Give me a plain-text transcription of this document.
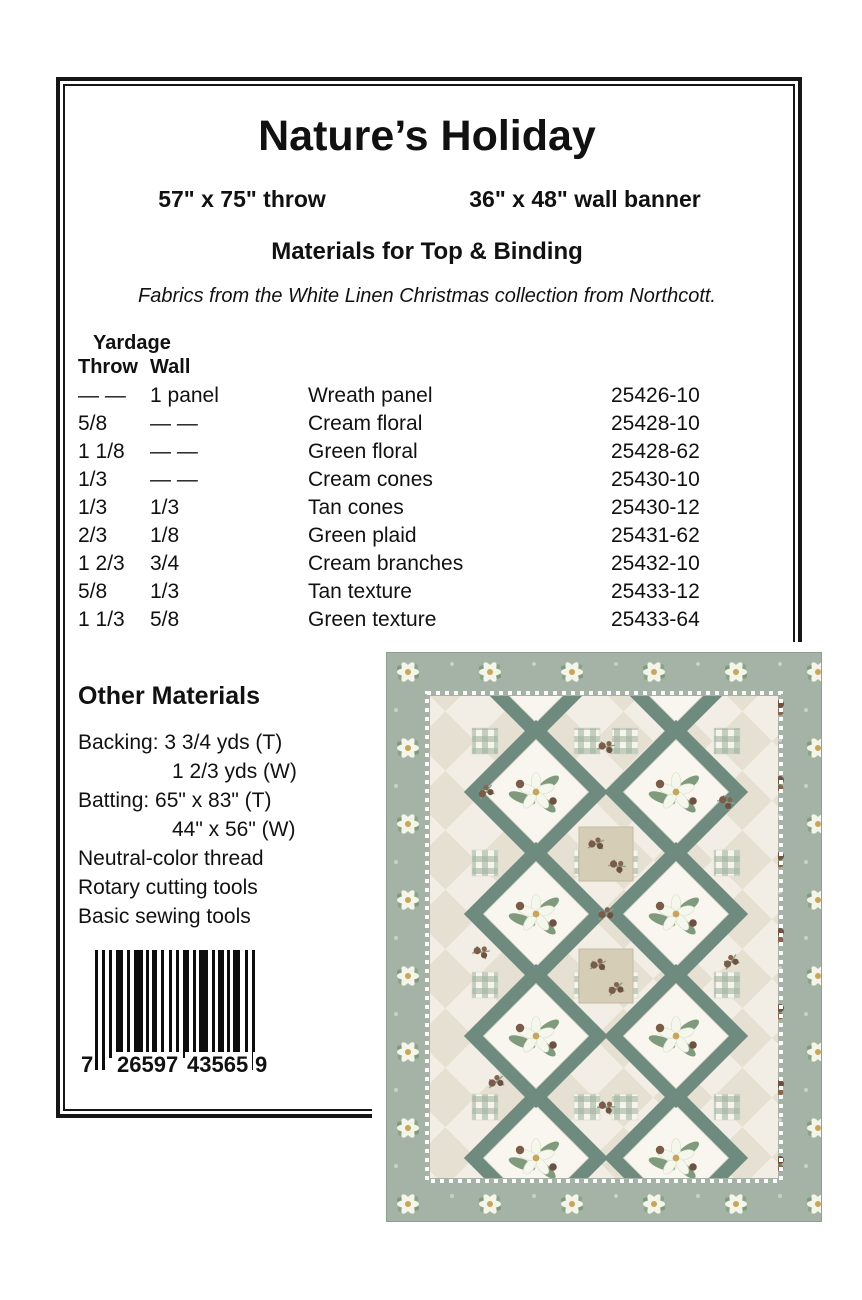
Nature’s Holiday
57" x 75" throw	36" x 48" wall banner
Materials for Top & Binding
Fabrics from the White Linen Christmas collection from Northcott.
Yardage
Throw Wall
— —	1 panel	Wreath panel	25426-10
5/8	— —	Cream floral	25428-10
1 1/8	— —	Green floral	25428-62
1/3	— —	Cream cones	25430-10
1/3	1/3	Tan cones	25430-12
2/3	1/8	Green plaid	25431-62
1 2/3	3/4	Cream branches	25432-10
5/8	1/3	Tan texture	25433-12
1 1/3	5/8	Green texture	25433-64
Other Materials
Backing: 3 3/4 yds (T)
1 2/3 yds (W)
Batting: 65" x 83" (T)
44" x 56" (W)
Neutral-color thread
Rotary cutting tools
Basic sewing tools
7 26597 43565 9
